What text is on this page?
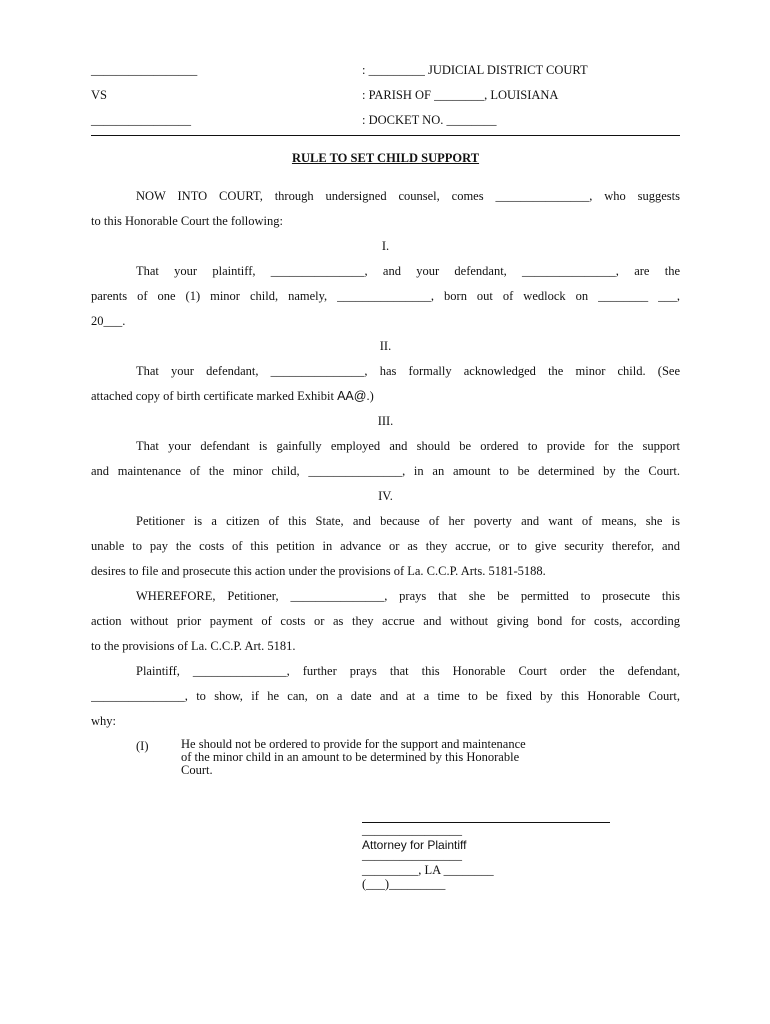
_________________
VS
________________
: _________ JUDICIAL DISTRICT COURT
: PARISH OF ________, LOUISIANA
: DOCKET NO. ________
RULE TO SET CHILD SUPPORT
NOW INTO COURT, through undersigned counsel, comes _______________, who suggests
to this Honorable Court the following:
I.
That your plaintiff, _______________, and your defendant, _______________, are the
parents of one (1) minor child, namely, _______________, born out of wedlock on ________ ___,
20___.
II.
That your defendant, _______________, has formally acknowledged the minor child. (See
attached copy of birth certificate marked Exhibit AA@.)
III.
That your defendant is gainfully employed and should be ordered to provide for the support
and maintenance of the minor child, _______________, in an amount to be determined by the Court.
IV.
Petitioner is a citizen of this State, and because of her poverty and want of means, she is
unable to pay the costs of this petition in advance or as they accrue, or to give security therefor, and
desires to file and prosecute this action under the provisions of La. C.C.P. Arts. 5181-5188.
WHEREFORE, Petitioner, _______________, prays that she be permitted to prosecute this
action without prior payment of costs or as they accrue and without giving bond for costs, according
to the provisions of La. C.C.P. Art. 5181.
Plaintiff, _______________, further prays that this Honorable Court order the defendant,
_______________, to show, if he can, on a date and at a time to be fixed by this Honorable Court,
why:
(I)	He should not be ordered to provide for the support and maintenance
of the minor child in an amount to be determined by this Honorable
Court.
________________
Attorney for Plaintiff
________________
_________, LA ________
(___)_________
